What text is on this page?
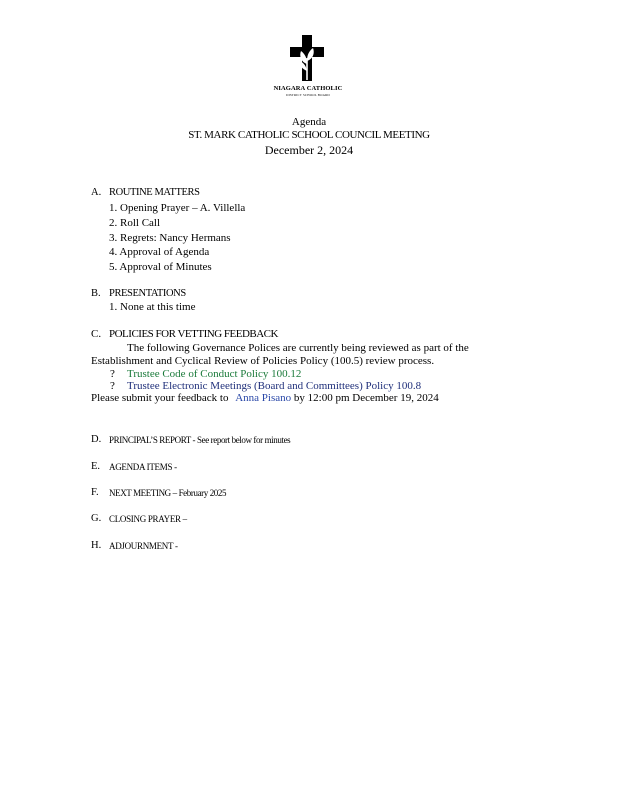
NIAGARA CATHOLIC
DISTRICT SCHOOL BOARD
Agenda
ST. MARK CATHOLIC SCHOOL COUNCIL MEETING
December 2, 2024
A. ROUTINE MATTERS
1. Opening Prayer – A. Villella
2. Roll Call
3. Regrets: Nancy Hermans
4. Approval of Agenda
5. Approval of Minutes
B. PRESENTATIONS
1. None at this time
C. POLICIES FOR VETTING FEEDBACK
The following Governance Polices are currently being reviewed as part of the
Establishment and Cyclical Review of Policies Policy (100.5) review process.
? Trustee Code of Conduct Policy 100.12
? Trustee Electronic Meetings (Board and Committees) Policy 100.8
Please submit your feedback to Anna Pisano by 12:00 pm December 19, 2024
D. PRINCIPAL’S REPORT - See report below for minutes
E. AGENDA ITEMS -
F. NEXT MEETING – February 2025
G. CLOSING PRAYER –
H. ADJOURNMENT -
